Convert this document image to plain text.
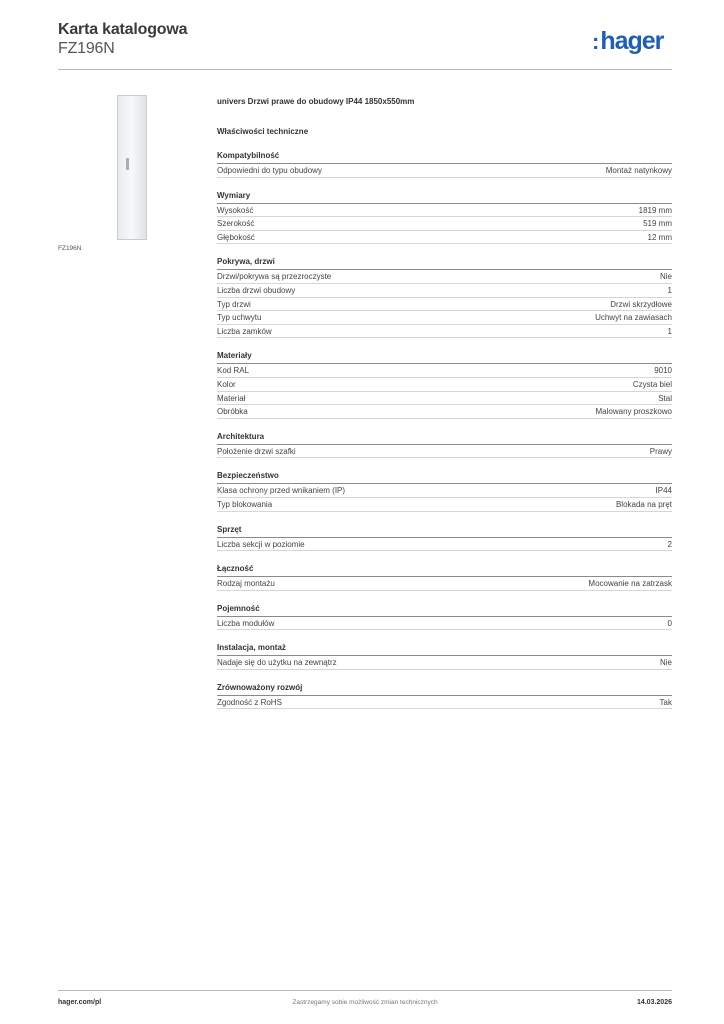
Karta katalogowa
FZ196N	:hager
FZ196N
univers Drzwi prawe do obudowy IP44 1850x550mm
Właściwości techniczne
Kompatybilność
Odpowiedni do typu obudowy	Montaż natynkowy
Wymiary
Wysokość	1819 mm
Szerokość	519 mm
Głębokość	12 mm
Pokrywa, drzwi
Drzwi/pokrywa są przezroczyste	Nie
Liczba drzwi obudowy	1
Typ drzwi	Drzwi skrzydłowe
Typ uchwytu	Uchwyt na zawiasach
Liczba zamków	1
Materiały
Kod RAL	9010
Kolor	Czysta biel
Materiał	Stal
Obróbka	Malowany proszkowo
Architektura
Położenie drzwi szafki	Prawy
Bezpieczeństwo
Klasa ochrony przed wnikaniem (IP)	IP44
Typ blokowania	Blokada na pręt
Sprzęt
Liczba sekcji w poziomie	2
Łączność
Rodzaj montażu	Mocowanie na zatrzask
Pojemność
Liczba modułów	0
Instalacja, montaż
Nadaje się do użytku na zewnątrz	Nie
Zrównoważony rozwój
Zgodność z RoHS	Tak
hager.com/pl	Zastrzegamy sobie możliwość zmian technicznych	14.03.2026
